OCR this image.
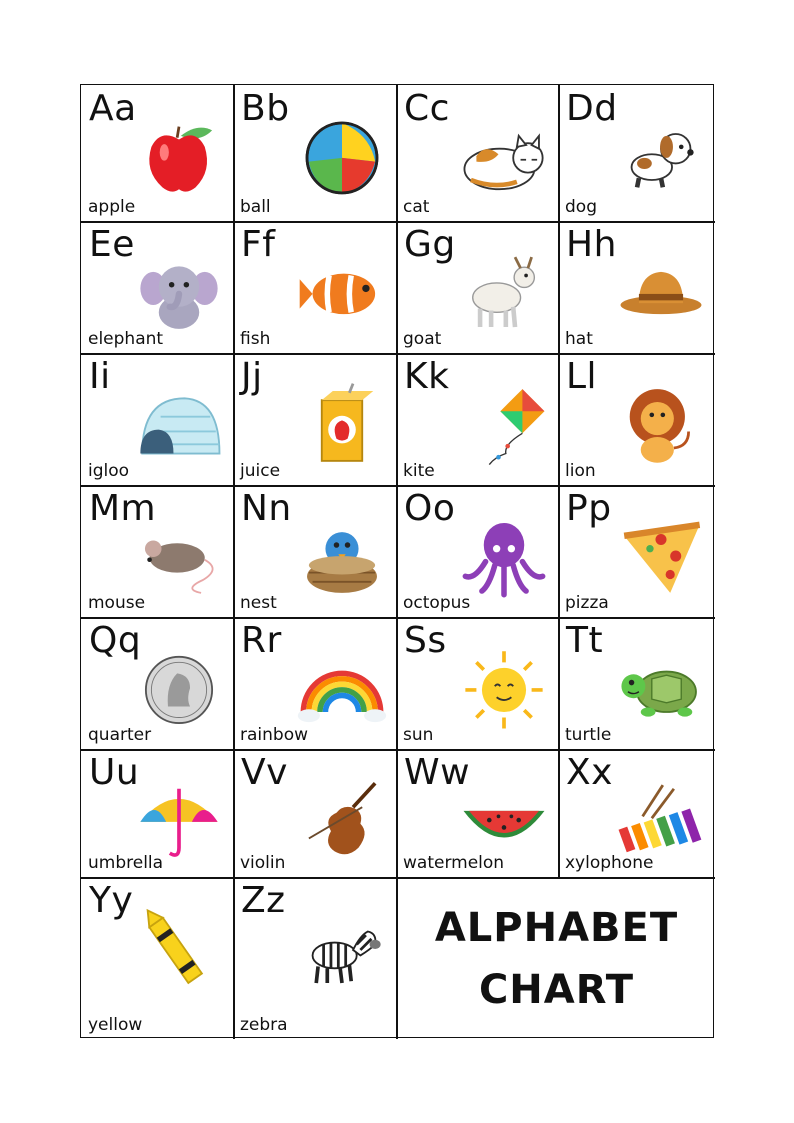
ALPHABET
CHART
Aa
apple
Bb
ball
Cc
cat
Dd
dog
Ee
elephant
Ff
fish
Gg
goat
Hh
hat
Ii
igloo
Jj
juice
Kk
kite
Ll
lion
Mm
mouse
Nn
nest
Oo
octopus
Pp
pizza
Qq
quarter
Rr
rainbow
Ss
sun
Tt
turtle
Uu
umbrella
Vv
violin
Ww
watermelon
Xx
xylophone
Yy
yellow
Zz
zebra
